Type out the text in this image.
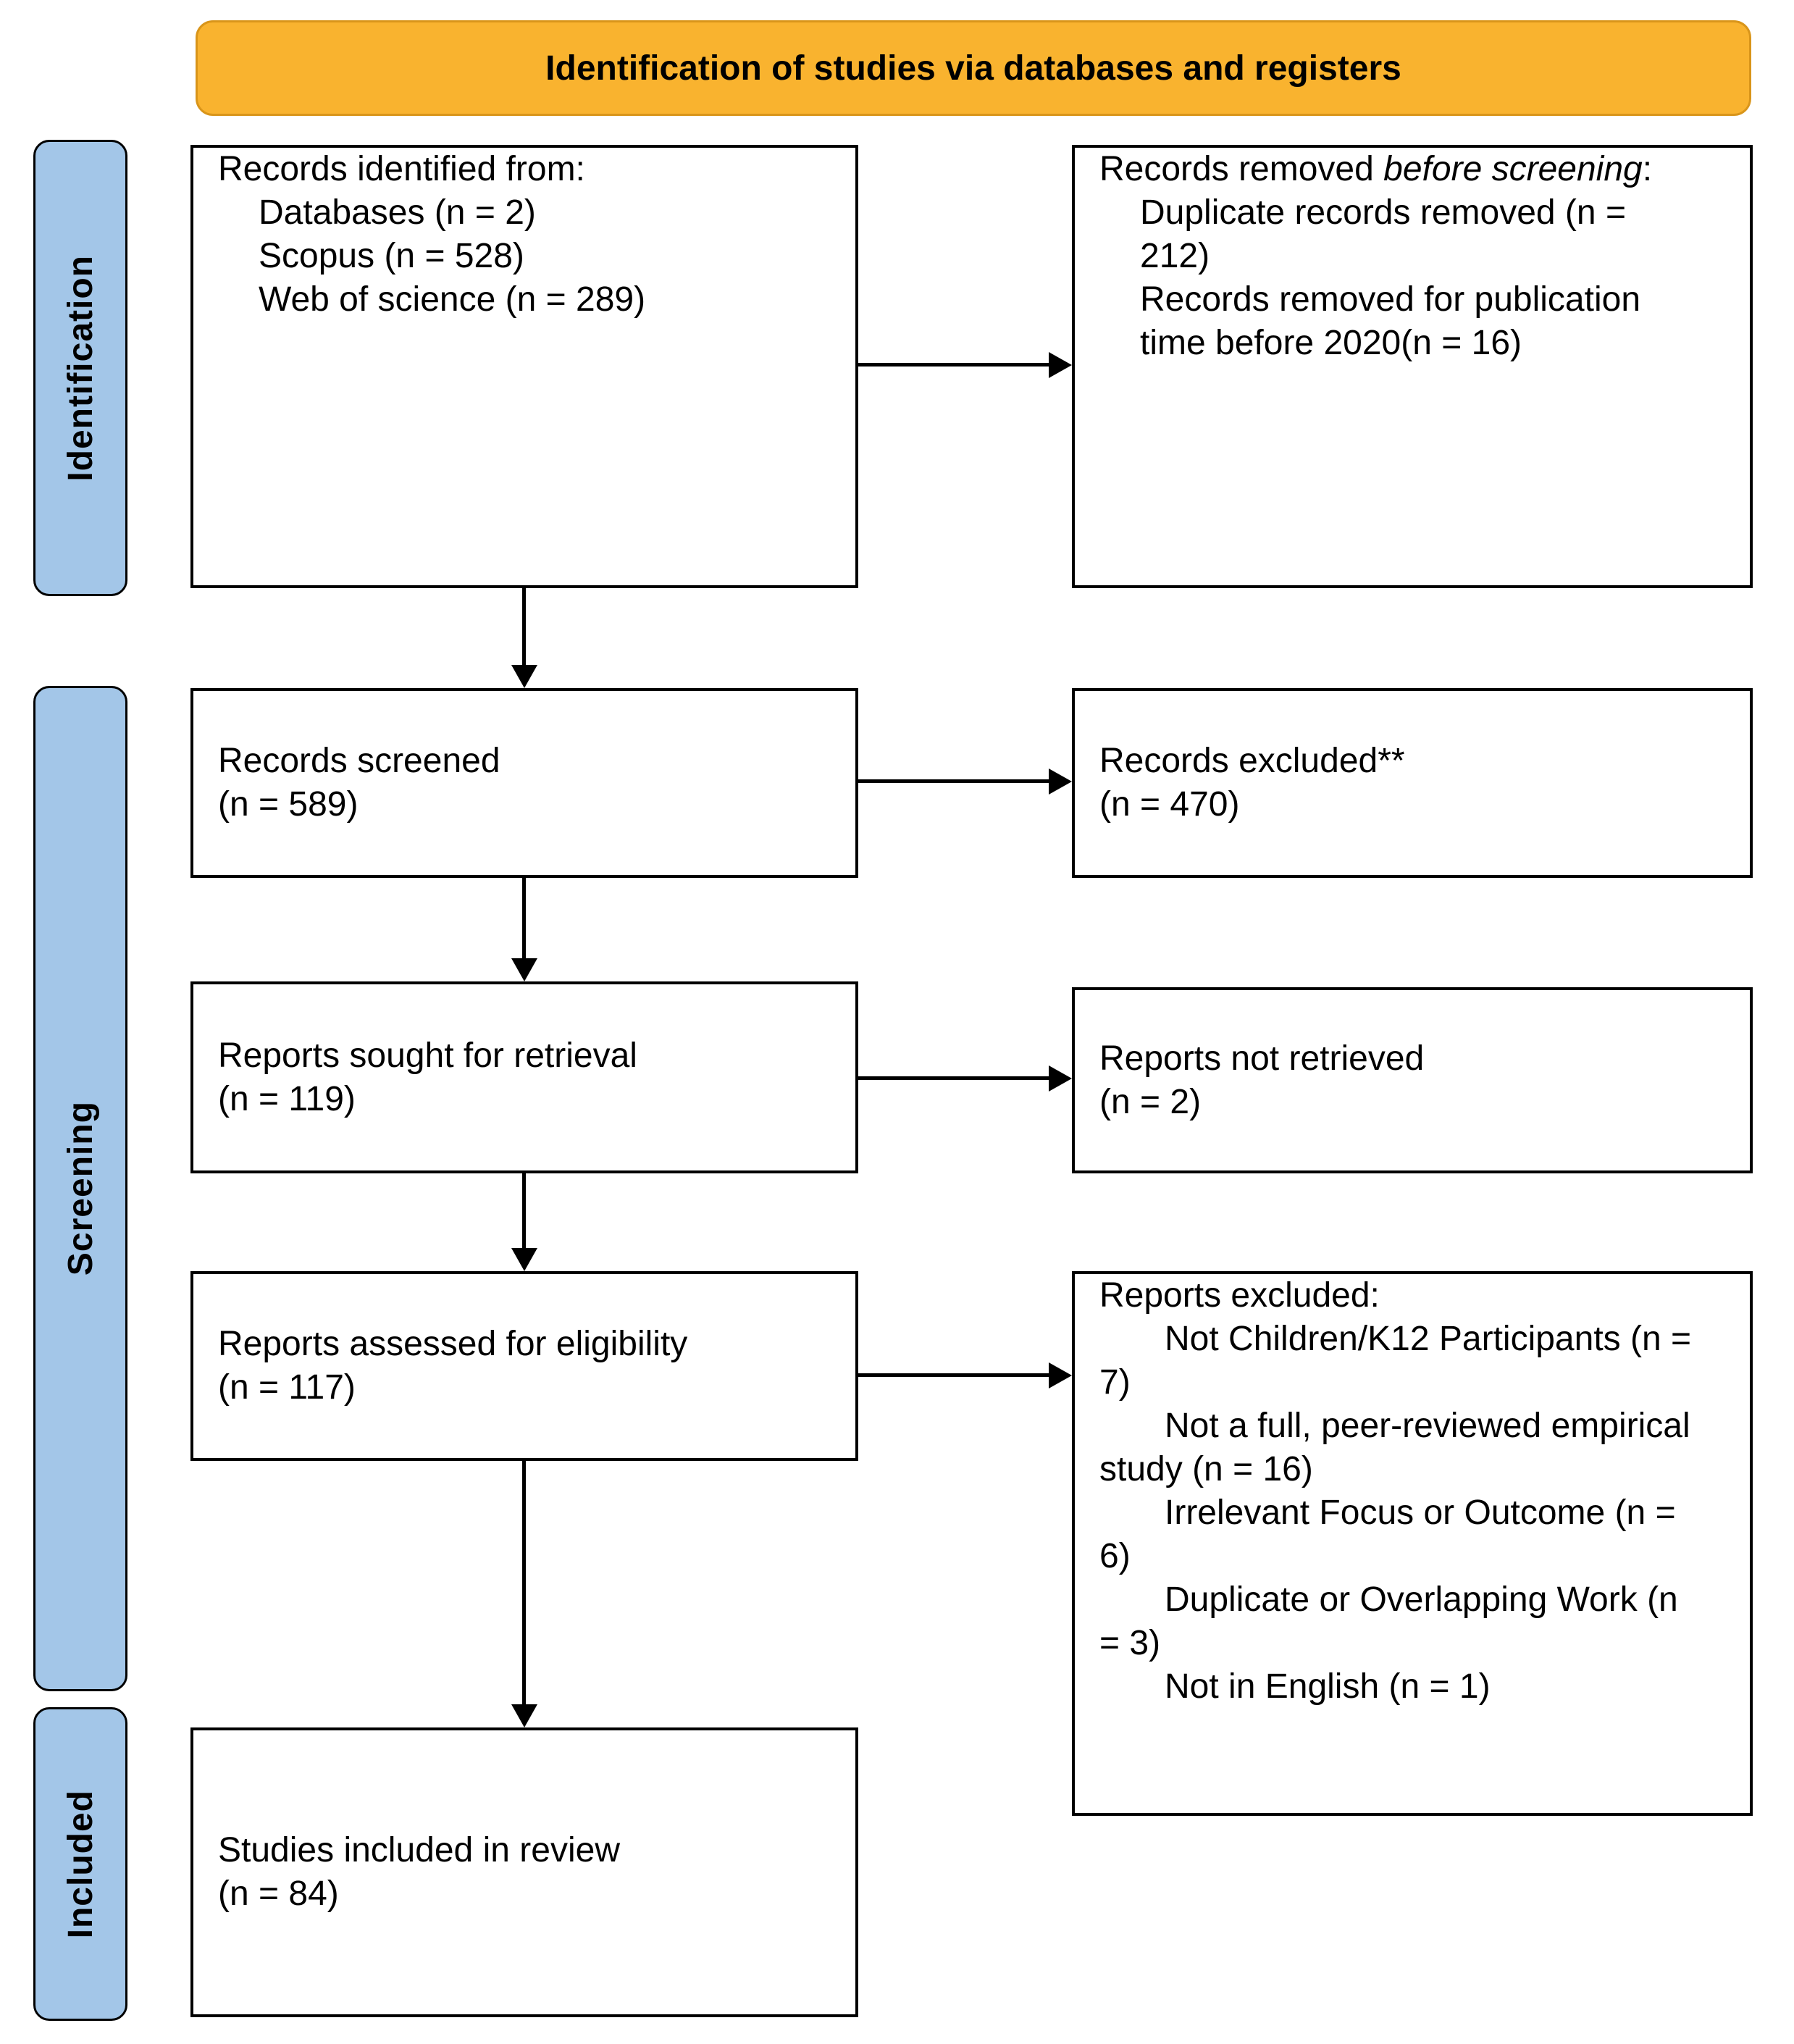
Identification of studies via databases and registers
Identification
Screening
Included
Records identified from:
Databases (n = 2)
Scopus (n = 528)
Web of science (n = 289)
Records removed before screening:
Duplicate records removed (n = 212)
Records removed for publication time before 2020(n = 16)
Records screened
(n = 589)
Records excluded**
(n = 470)
Reports sought for retrieval
(n = 119)
Reports not retrieved
(n = 2)
Reports assessed for eligibility
(n = 117)
Reports excluded:
Not Children/K12 Participants (n = 7)
Not a full, peer-reviewed empirical study (n = 16)
Irrelevant Focus or Outcome (n = 6)
Duplicate or Overlapping Work (n = 3)
Not in English (n = 1)
Studies included in review
(n = 84)
